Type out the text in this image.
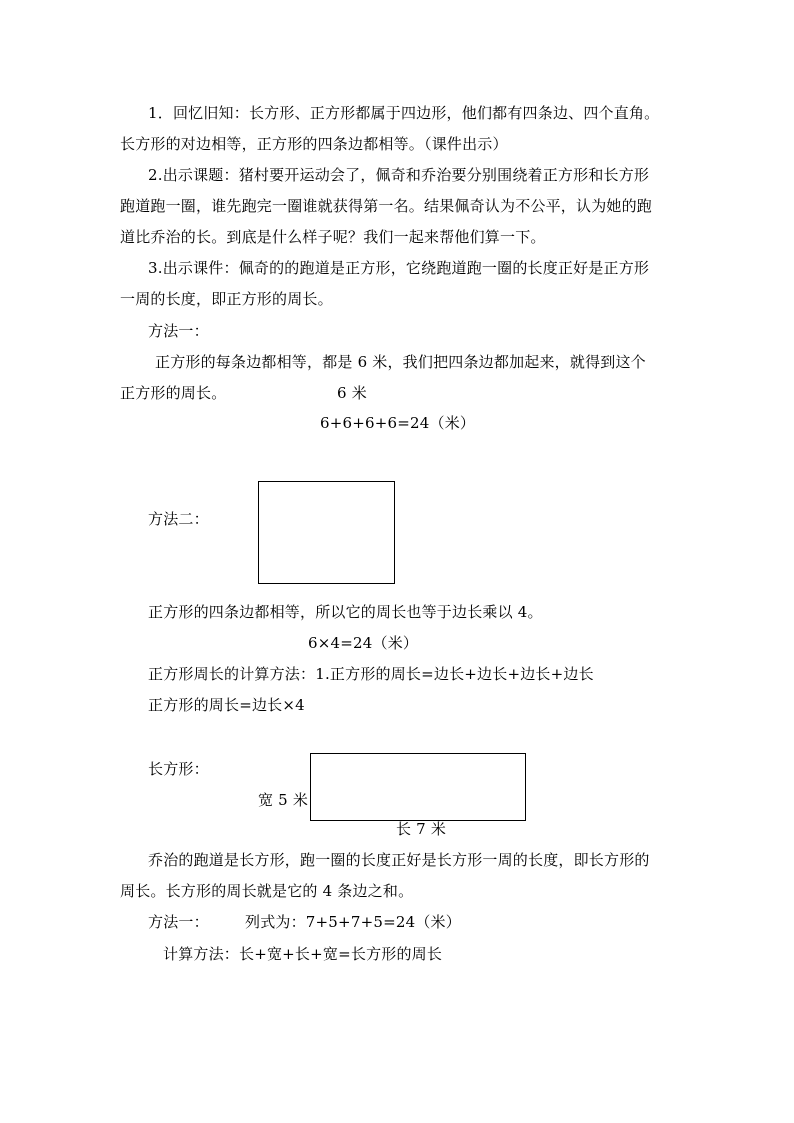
1．回忆旧知：长方形、正方形都属于四边形，他们都有四条边、四个直角。
长方形的对边相等，正方形的四条边都相等。（课件出示）
2.出示课题：猪村要开运动会了，佩奇和乔治要分别围绕着正方形和长方形
跑道跑一圈，谁先跑完一圈谁就获得第一名。结果佩奇认为不公平，认为她的跑
道比乔治的长。到底是什么样子呢？我们一起来帮他们算一下。
3.出示课件：佩奇的的跑道是正方形，它绕跑道跑一圈的长度正好是正方形
一周的长度，即正方形的周长。
方法一：
正方形的每条边都相等，都是 6 米，我们把四条边都加起来，就得到这个
正方形的周长。	6 米
6+6+6+6=24（米）
方法二：
正方形的四条边都相等，所以它的周长也等于边长乘以 4。
6×4=24（米）
正方形周长的计算方法：1.正方形的周长=边长+边长+边长+边长
正方形的周长=边长×4
长方形：
宽 5 米
长 7 米
乔治的跑道是长方形，跑一圈的长度正好是长方形一周的长度，即长方形的
周长。长方形的周长就是它的 4 条边之和。
方法一： 列式为：7+5+7+5=24（米）
计算方法：长+宽+长+宽=长方形的周长
